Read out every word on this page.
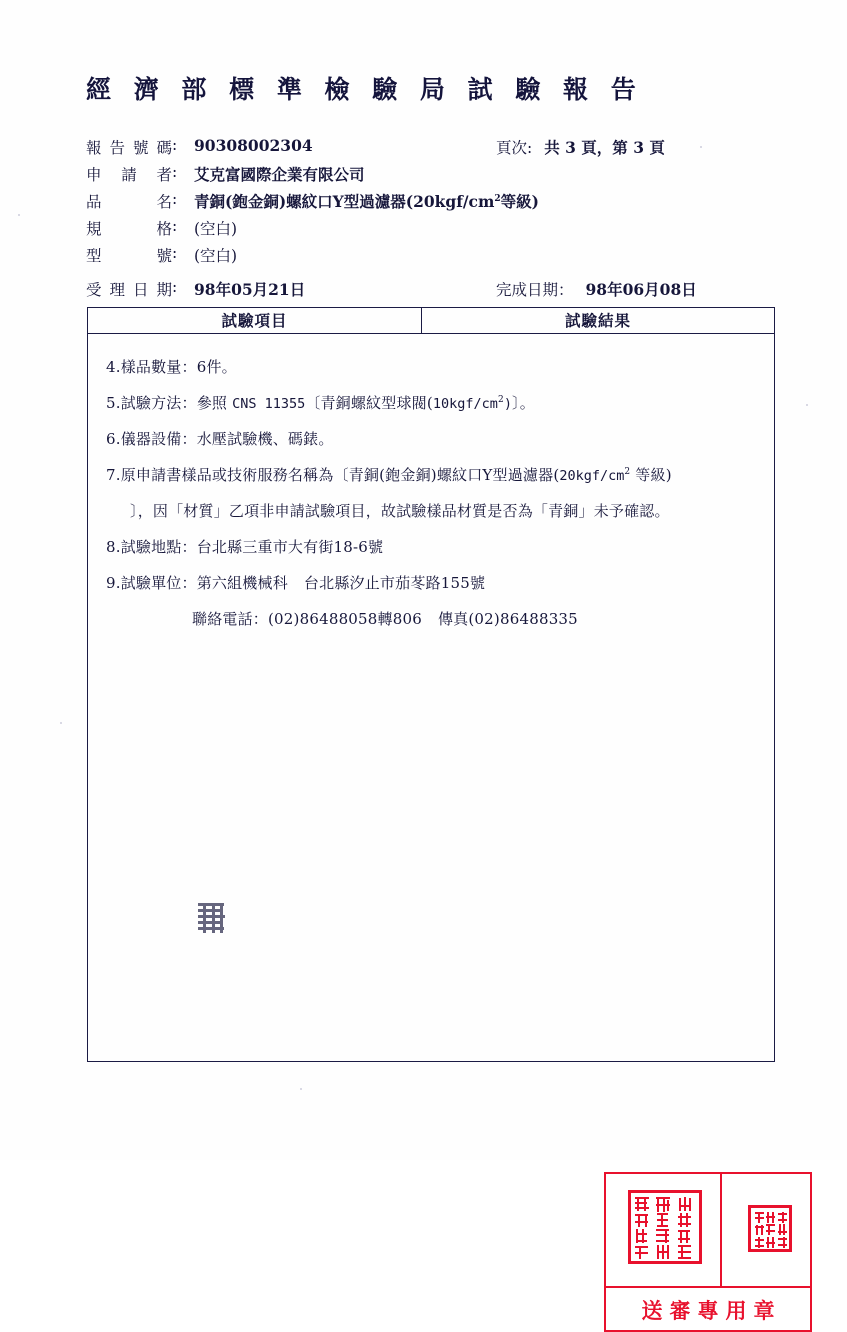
經 濟 部 標 準 檢 驗 局 試 驗 報 告
報告號碼: 90308002304	頁次: 共 3 頁，第 3 頁
申請者: 艾克富國際企業有限公司
品名: 青銅(鉋金銅)螺紋口Y型過濾器($20kgf/cm^2$等級)
規格: (空白)
型號: (空白)
受理日期: 98年05月21日	完成日期： 98年06月08日
試驗項目	試驗結果
4.樣品數量：6件。
5.試驗方法：參照 CNS 11355〔青銅螺紋型球閥$(10kgf/cm^2)$〕。
6.儀器設備：水壓試驗機、碼錶。
7.原申請書樣品或技術服務名稱為〔青銅(鉋金銅)螺紋口Y型過濾器($20kgf/cm^2$ 等級)
〕，因「材質」乙項非申請試驗項目，故試驗樣品材質是否為「青銅」未予確認。
8.試驗地點：台北縣三重市大有街18-6號
9.試驗單位：第六組機械科 台北縣汐止市茄苳路155號
聯絡電話：(02)86488058轉806 傳真(02)86488335
送審專用章
